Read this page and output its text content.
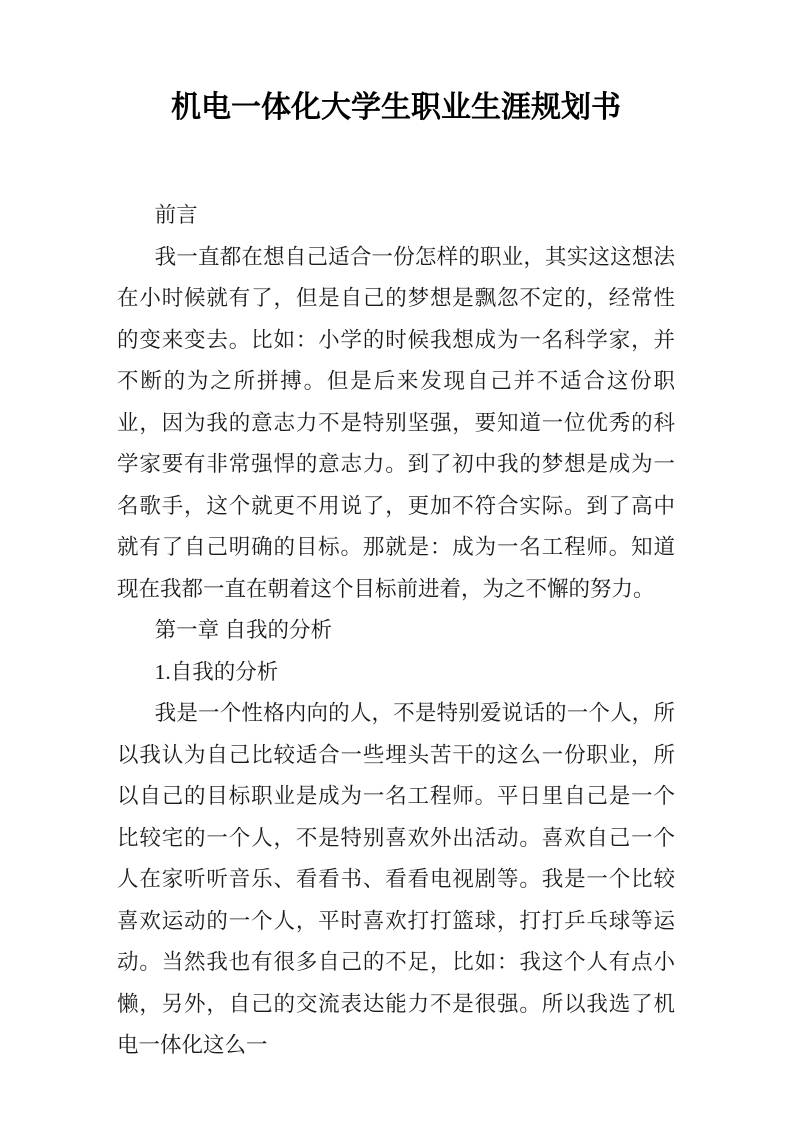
机电一体化大学生职业生涯规划书

前言

我一直都在想自己适合一份怎样的职业，其实这这想法在小时候就有了，但是自己的梦想是飘忽不定的，经常性的变来变去。比如：小学的时候我想成为一名科学家，并不断的为之所拼搏。但是后来发现自己并不适合这份职业，因为我的意志力不是特别坚强，要知道一位优秀的科学家要有非常强悍的意志力。到了初中我的梦想是成为一名歌手，这个就更不用说了，更加不符合实际。到了高中就有了自己明确的目标。那就是：成为一名工程师。知道现在我都一直在朝着这个目标前进着，为之不懈的努力。

第一章 自我的分析

1.自我的分析

我是一个性格内向的人，不是特别爱说话的一个人，所以我认为自己比较适合一些埋头苦干的这么一份职业，所以自己的目标职业是成为一名工程师。平日里自己是一个比较宅的一个人，不是特别喜欢外出活动。喜欢自己一个人在家听听音乐、看看书、看看电视剧等。我是一个比较喜欢运动的一个人，平时喜欢打打篮球，打打乒乓球等运动。当然我也有很多自己的不足，比如：我这个人有点小懒，另外，自己的交流表达能力不是很强。所以我选了机电一体化这么一
